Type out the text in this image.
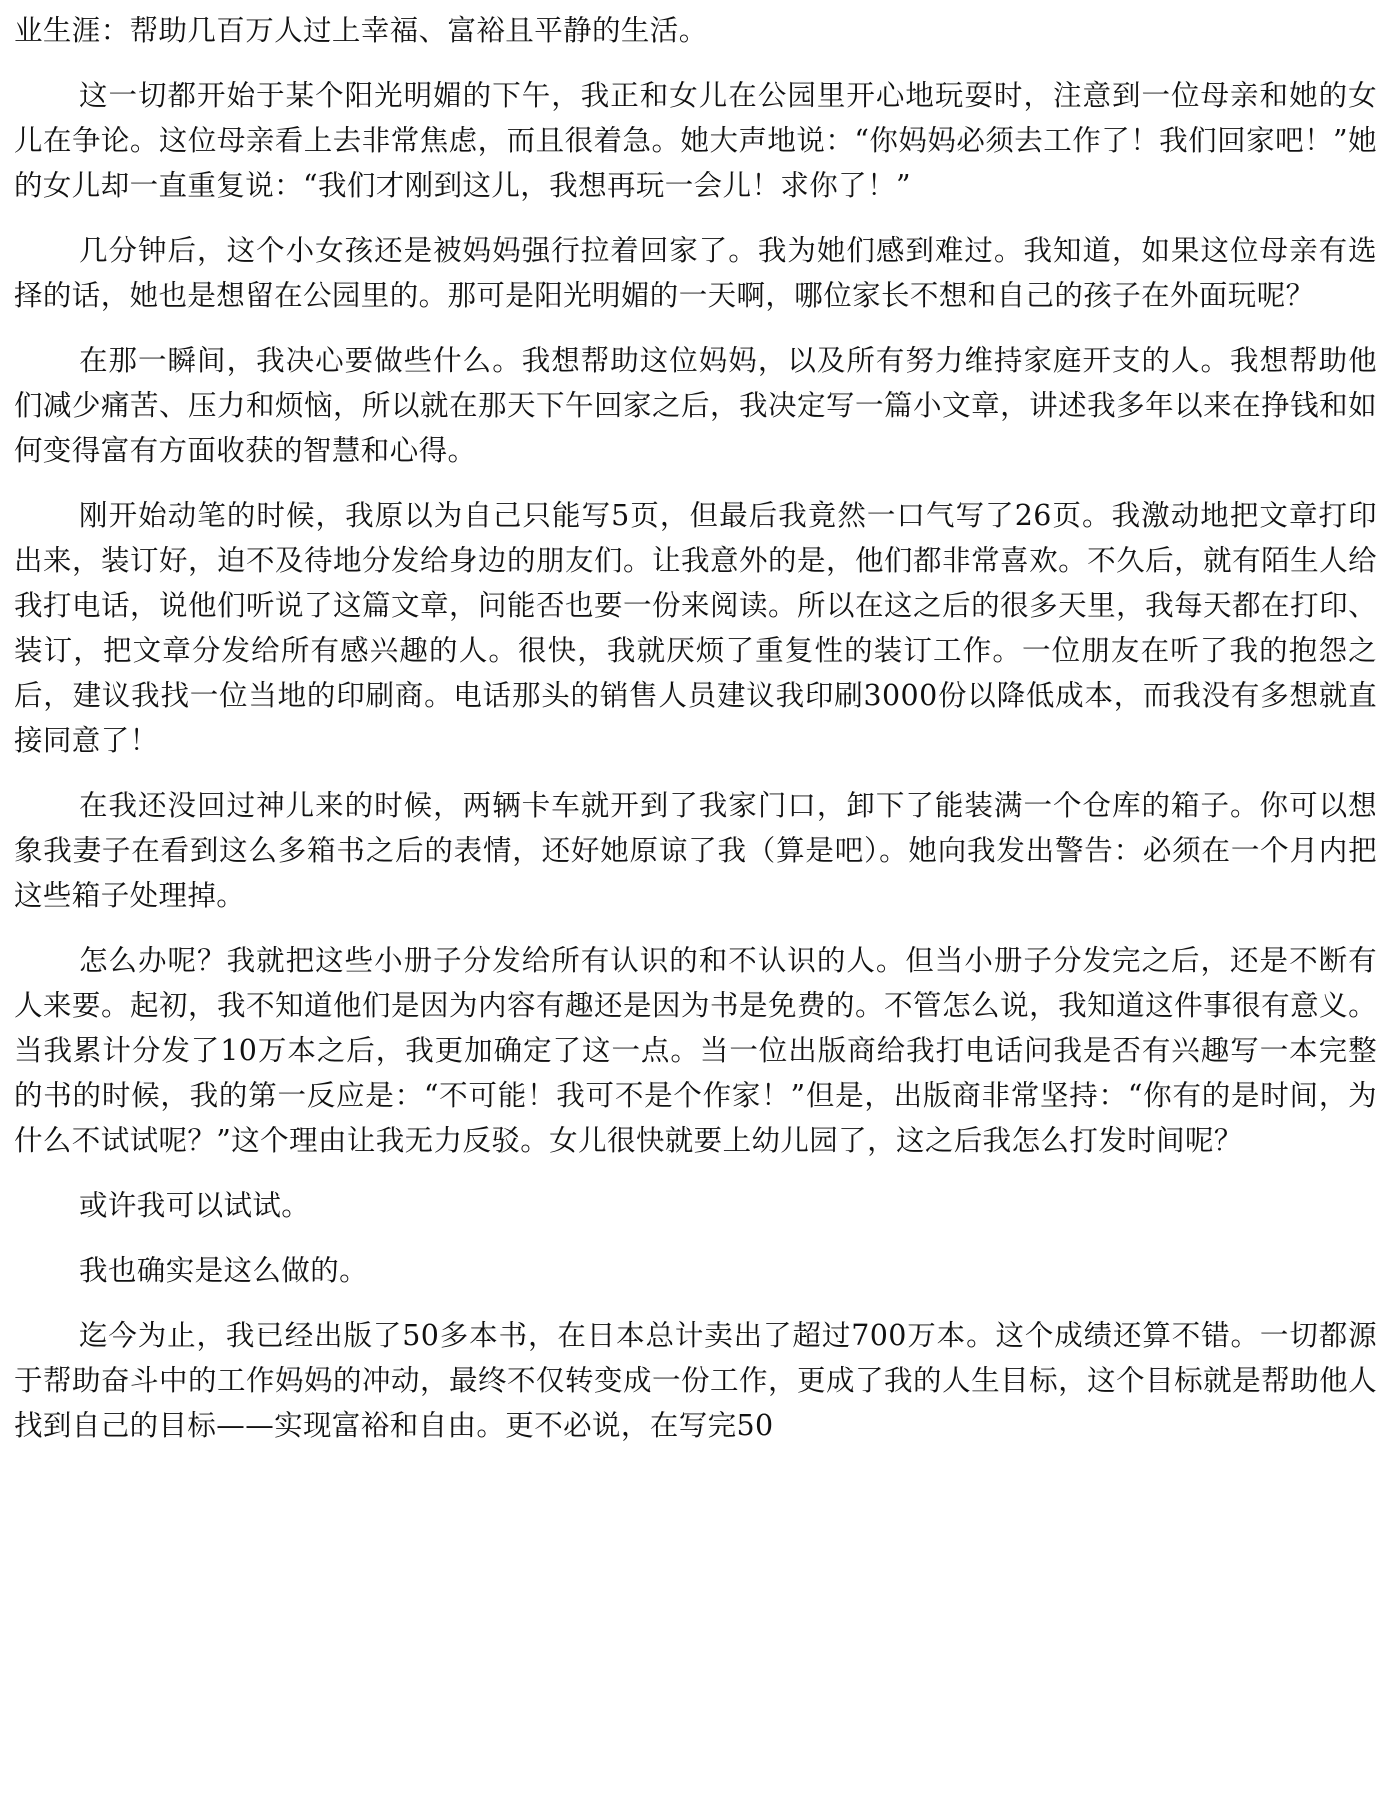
业生涯：帮助几百万人过上幸福、富裕且平静的生活。

这一切都开始于某个阳光明媚的下午，我正和女儿在公园里开心地玩耍时，注意到一位母亲和她的女儿在争论。这位母亲看上去非常焦虑，而且很着急。她大声地说：“你妈妈必须去工作了！我们回家吧！”她的女儿却一直重复说：“我们才刚到这儿，我想再玩一会儿！求你了！”

几分钟后，这个小女孩还是被妈妈强行拉着回家了。我为她们感到难过。我知道，如果这位母亲有选择的话，她也是想留在公园里的。那可是阳光明媚的一天啊，哪位家长不想和自己的孩子在外面玩呢？

在那一瞬间，我决心要做些什么。我想帮助这位妈妈，以及所有努力维持家庭开支的人。我想帮助他们减少痛苦、压力和烦恼，所以就在那天下午回家之后，我决定写一篇小文章，讲述我多年以来在挣钱和如何变得富有方面收获的智慧和心得。

刚开始动笔的时候，我原以为自己只能写5页，但最后我竟然一口气写了26页。我激动地把文章打印出来，装订好，迫不及待地分发给身边的朋友们。让我意外的是，他们都非常喜欢。不久后，就有陌生人给我打电话，说他们听说了这篇文章，问能否也要一份来阅读。所以在这之后的很多天里，我每天都在打印、装订，把文章分发给所有感兴趣的人。很快，我就厌烦了重复性的装订工作。一位朋友在听了我的抱怨之后，建议我找一位当地的印刷商。电话那头的销售人员建议我印刷3000份以降低成本，而我没有多想就直接同意了！

在我还没回过神儿来的时候，两辆卡车就开到了我家门口，卸下了能装满一个仓库的箱子。你可以想象我妻子在看到这么多箱书之后的表情，还好她原谅了我（算是吧）。她向我发出警告：必须在一个月内把这些箱子处理掉。

怎么办呢？我就把这些小册子分发给所有认识的和不认识的人。但当小册子分发完之后，还是不断有人来要。起初，我不知道他们是因为内容有趣还是因为书是免费的。不管怎么说，我知道这件事很有意义。当我累计分发了10万本之后，我更加确定了这一点。当一位出版商给我打电话问我是否有兴趣写一本完整的书的时候，我的第一反应是：“不可能！我可不是个作家！”但是，出版商非常坚持：“你有的是时间，为什么不试试呢？”这个理由让我无力反驳。女儿很快就要上幼儿园了，这之后我怎么打发时间呢？

或许我可以试试。

我也确实是这么做的。

迄今为止，我已经出版了50多本书，在日本总计卖出了超过700万本。这个成绩还算不错。一切都源于帮助奋斗中的工作妈妈的冲动，最终不仅转变成一份工作，更成了我的人生目标，这个目标就是帮助他人找到自己的目标——实现富裕和自由。更不必说，在写完50
